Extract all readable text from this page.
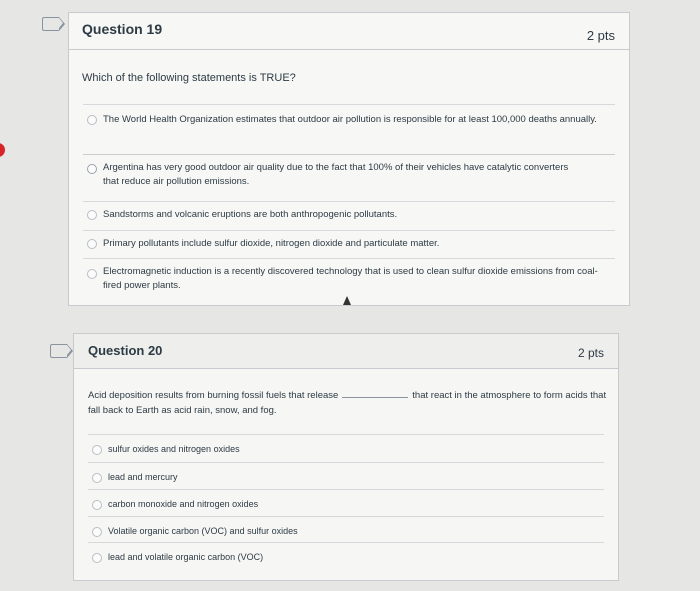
Question 19	2 pts
Which of the following statements is TRUE?
The World Health Organization estimates that outdoor air pollution is responsible for at least 100,000 deaths annually.
Argentina has very good outdoor air quality due to the fact that 100% of their vehicles have catalytic converters that reduce air pollution emissions.
Sandstorms and volcanic eruptions are both anthropogenic pollutants.
Primary pollutants include sulfur dioxide, nitrogen dioxide and particulate matter.
Electromagnetic induction is a recently discovered technology that is used to clean sulfur dioxide emissions from coal-fired power plants.
Question 20	2 pts
Acid deposition results from burning fossil fuels that release	that react in the atmosphere to form acids that fall back to Earth as acid rain, snow, and fog.
sulfur oxides and nitrogen oxides
lead and mercury
carbon monoxide and nitrogen oxides
Volatile organic carbon (VOC) and sulfur oxides
lead and volatile organic carbon (VOC)
